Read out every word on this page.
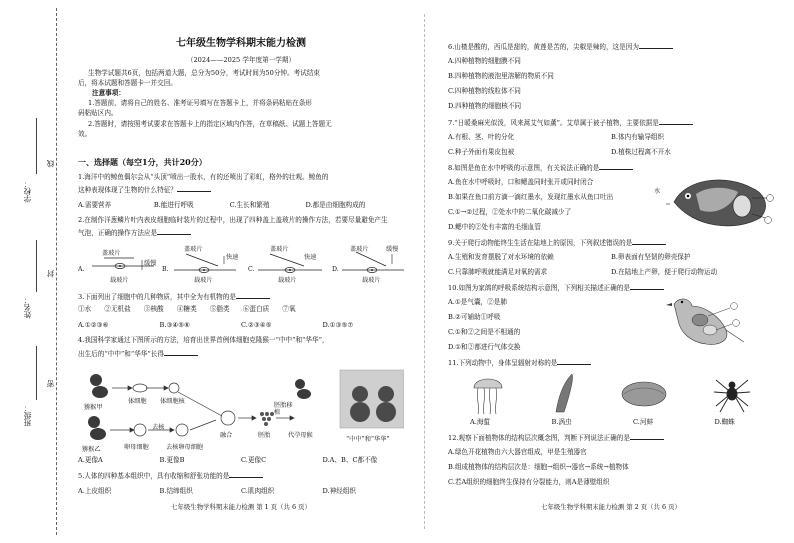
学校：
姓名：
班级：
线
封
密
七年级生物学科期末能力检测
（2024——2025 学年度第一学期）
生物学试题共6页，包括两道大题，总分为50分，考试时间为50分钟。考试结束
后，将本试题和答题卡一并交回。
注意事项：
1.答题前，请将自己的姓名、准考证号填写在答题卡上，并将条码粘贴在条形
码粘贴区内。
2.答题时，请按照考试要求在答题卡上的指定区域内作答，在草稿纸、试题上答题无
效。
一、选择题（每空1分，共计20分）
1.海洋中的鲸鱼偶尔会从“头顶”喷出一股水，有的还喷出了彩虹，格外的壮观。鲸鱼的
这种表现体现了生物的什么特征？
A.需要营养	B.能进行呼吸	C.生长和繁殖	D.都是由细胞构成的
2.在制作洋葱鳞片叶内表皮细胞临时装片的过程中，出现了四种盖上盖玻片的操作方法，若要尽量避免产生
气泡，正确的操作方法应是
A.	B.	C.	D.
盖玻片
缓慢
载玻片
盖玻片
快速
载玻片
盖玻片
快速
载玻片
盖玻片	缓慢
载玻片
3.下面列出了细胞中的几种物质，其中全为有机物的是
①水　　②无机盐　　③核酸　　④糖类　　⑤脂类　　⑥蛋白质　　⑦氧
A.①②③⑥	B.③④⑤⑥	C.②③④⑤	D.①③⑤⑦
4.我国科学家通过下图所示的方法，培育出世界首例体细胞克隆猴一“中中”和“华华”，
出生后的“中中”和“华华”长得
猕猴甲
体细胞 体细胞核
猕猴乙	卵母细胞
去核
去核卵母细胞
融合	胚胎
胚胎移植
代孕母猴
“中中”和“华华”
A.更像A	B.更像B	C.更像C	D.A、B、C都不像
5.人体的四种基本组织中，具有收缩和舒张功能的是
A.上皮组织	B.结缔组织	C.肌肉组织	D.神经组织
七年级生物学科期末能力检测 第 1 页（共 6 页）
6.山楂是酸的，西瓜是甜的，黄莲是苦的，尖椒是辣的，这是因为
A.四种植物的细胞膜不同
B.四种植物的液泡里溶解的物质不同
C.四种植物的线粒体不同
D.四种植物的细胞核不同
7.“日暖桑麻光似泼，风来蒿艾气如薰”。艾草属于被子植物，主要依据是
A.有根、茎、叶的分化	B.体内有输导组织
C.种子外面有果皮包被	D.植株过程离不开水
8.如图是鱼在水中呼吸的示意图，有关说法正确的是
A.鱼在水中呼吸时，口和鳃盖同时张开或同时闭合
B.如果在鱼口前方滴一滴红墨水，发现红墨水从鱼口吐出
C.①→②过程，②处水中的二氧化碳减少了
D.鳃中的②处有丰富的毛细血管
水
9.关于爬行动物能终生生活在陆地上的原因，下列叙述错误的是
A.生殖和发育摆脱了对水环境的依赖	B.卵表面有坚韧的卵壳保护
C.只靠肺呼吸就能满足对氧的需求	D.在陆地上产卵，便于爬行动物运动
10.如图为家鸽的呼吸系统结构示意图，下列相关描述正确的是
A.①是气囊，②是肺
B.②可辅助①呼吸
C.①和②之间是不相通的
D.①和②都进行气体交换
11.下列动物中，身体呈辐射对称的是
A.海蜇	B.涡虫	C.河蚌	D.蜘蛛
12.观察下面植物体的结构层次概念图，判断下列说法正确的是
A.绿色开花植物由六大器官组成，甲是生殖器官
B.组成植物体的结构层次是：细胞→组织→器官→系统→植物体
C.若A组织的细胞终生保持有分裂能力，则A是薄壁组织
七年级生物学科期末能力检测 第 2 页（共 6 页）
